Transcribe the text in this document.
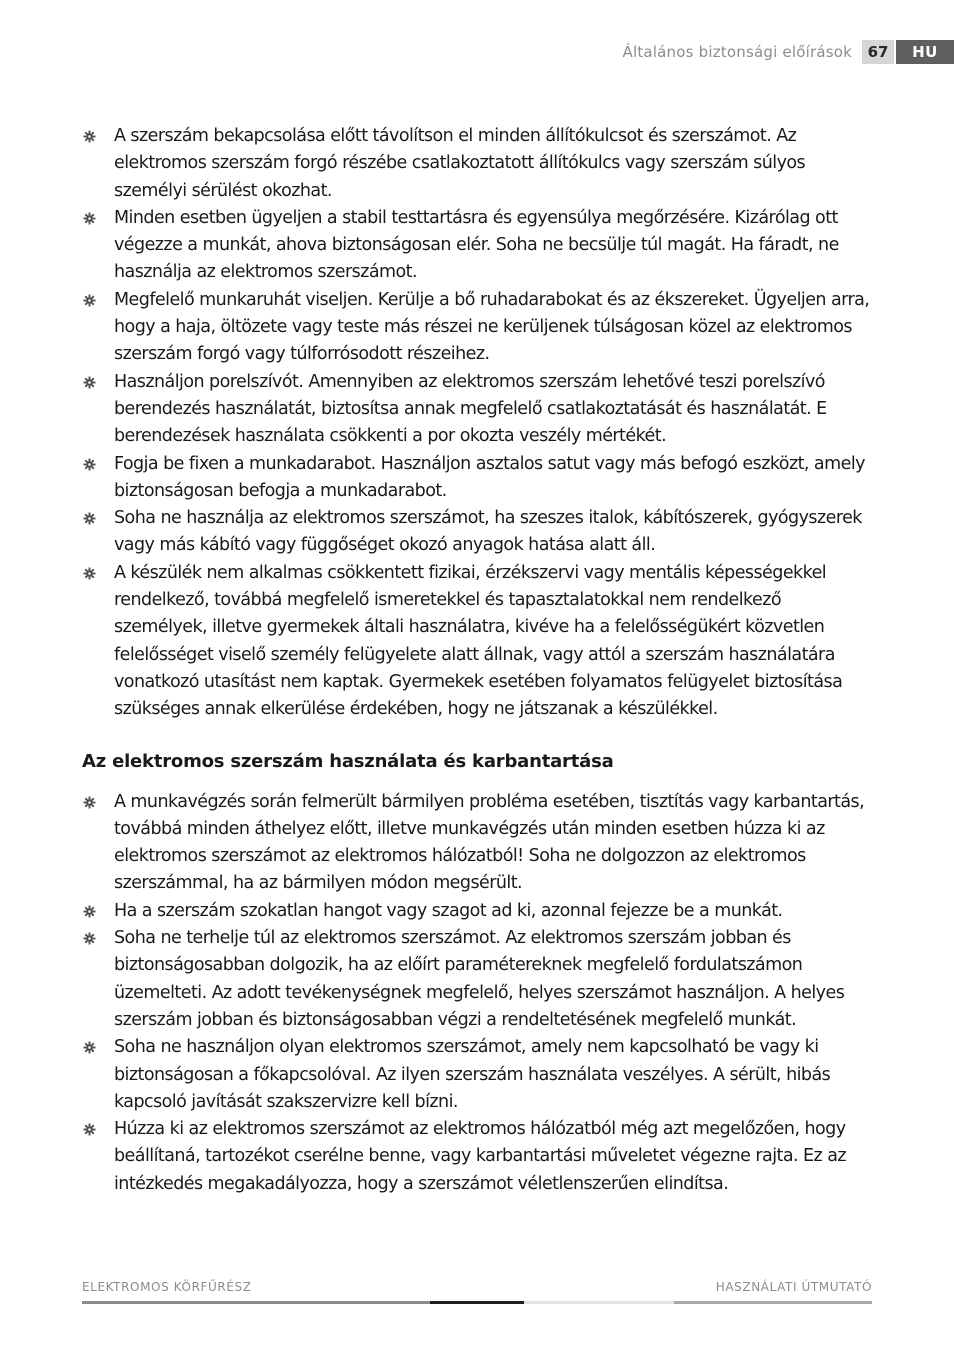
Általános biztonsági előírások	67	HU
A szerszám bekapcsolása előtt távolítson el minden állítókulcsot és szerszámot. Az elektromos szerszám forgó részébe csatlakoztatott állítókulcs vagy szerszám súlyos személyi sérülést okozhat.
Minden esetben ügyeljen a stabil testtartásra és egyensúlya megőrzésére. Kizárólag ott végezze a munkát, ahova biztonságosan elér. Soha ne becsülje túl magát. Ha fáradt, ne használja az elektromos szerszámot.
Megfelelő munkaruhát viseljen. Kerülje a bő ruhadarabokat és az ékszereket. Ügyeljen arra, hogy a haja, öltözete vagy teste más részei ne kerüljenek túlságosan közel az elektromos szerszám forgó vagy túlforrósodott részeihez.
Használjon porelszívót. Amennyiben az elektromos szerszám lehetővé teszi porelszívó berendezés használatát, biztosítsa annak megfelelő csatlakoztatását és használatát. E berendezések használata csökkenti a por okozta veszély mértékét.
Fogja be fixen a munkadarabot. Használjon asztalos satut vagy más befogó eszközt, amely biztonságosan befogja a munkadarabot.
Soha ne használja az elektromos szerszámot, ha szeszes italok, kábítószerek, gyógyszerek vagy más kábító vagy függőséget okozó anyagok hatása alatt áll.
A készülék nem alkalmas csökkentett fizikai, érzékszervi vagy mentális képességekkel rendelkező, továbbá megfelelő ismeretekkel és tapasztalatokkal nem rendelkező személyek, illetve gyermekek általi használatra, kivéve ha a felelősségükért közvetlen felelősséget viselő személy felügyelete alatt állnak, vagy attól a szerszám használatára vonatkozó utasítást nem kaptak. Gyermekek esetében folyamatos felügyelet biztosítása szükséges annak elkerülése érdekében, hogy ne játszanak a készülékkel.
Az elektromos szerszám használata és karbantartása
A munkavégzés során felmerült bármilyen probléma esetében, tisztítás vagy karbantartás, továbbá minden áthelyez előtt, illetve munkavégzés után minden esetben húzza ki az elektromos szerszámot az elektromos hálózatból! Soha ne dolgozzon az elektromos szerszámmal, ha az bármilyen módon megsérült.
Ha a szerszám szokatlan hangot vagy szagot ad ki, azonnal fejezze be a munkát.
Soha ne terhelje túl az elektromos szerszámot. Az elektromos szerszám jobban és biztonságosabban dolgozik, ha az előírt paramétereknek megfelelő fordulatszámon üzemelteti. Az adott tevékenységnek megfelelő, helyes szerszámot használjon. A helyes szerszám jobban és biztonságosabban végzi a rendeltetésének megfelelő munkát.
Soha ne használjon olyan elektromos szerszámot, amely nem kapcsolható be vagy ki biztonságosan a főkapcsolóval. Az ilyen szerszám használata veszélyes. A sérült, hibás kapcsoló javítását szakszervizre kell bízni.
Húzza ki az elektromos szerszámot az elektromos hálózatból még azt megelőzően, hogy beállítaná, tartozékot cserélne benne, vagy karbantartási műveletet végezne rajta. Ez az intézkedés megakadályozza, hogy a szerszámot véletlenszerűen elindítsa.
ELEKTROMOS KÖRFŰRÉSZ	HASZNÁLATI ÚTMUTATÓ
